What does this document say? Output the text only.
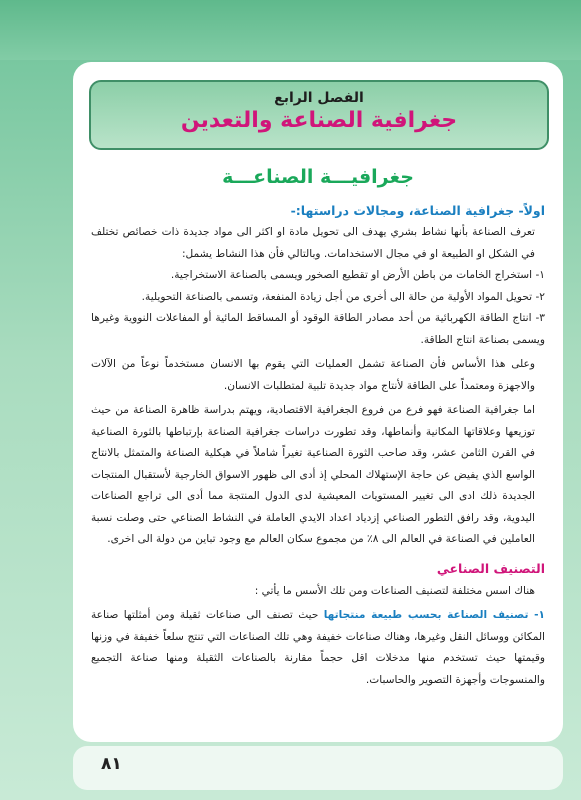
الفصل الرابع
جغرافية الصناعة والتعدين
جغرافيـــة الصناعـــة

اولاً- جغرافية الصناعة، ومجالات دراستها:-

تعرف الصناعة بأنها نشاط بشري يهدف الى تحويل مادة او اكثر الى مواد جديدة ذات خصائص تختلف في الشكل او الطبيعة او في مجال الاستخدامات. وبالتالي فأن هذا النشاط يشمل:

١- استخراج الخامات من باطن الأرض او تقطيع الصخور ويسمى بالصناعة الاستخراجية.

٢- تحويل المواد الأولية من حالة الى أخرى من أجل زيادة المنفعة، وتسمى بالصناعة التحويلية.

٣- انتاج الطاقة الكهربائية من أحد مصادر الطاقة الوقود أو المساقط المائية أو المفاعلات النووية وغيرها ويسمى بصناعة انتاج الطاقة.

وعلى هذا الأساس فأن الصناعة تشمل العمليات التي يقوم بها الانسان مستخدماً نوعاً من الآلات والاجهزة ومعتمداً على الطاقة لأنتاج مواد جديدة تلبية لمتطلبات الانسان.

اما جغرافية الصناعة فهو فرع من فروع الجغرافية الاقتصادية، ويهتم بدراسة ظاهرة الصناعة من حيث توزيعها وعلاقاتها المكانية وأنماطها، وقد تطورت دراسات جغرافية الصناعة بإرتباطها بالثورة الصناعية في القرن الثامن عشر، وقد صاحب الثورة الصناعية تغيراً شاملاً في هيكلية الصناعة والمتمثل بالانتاج الواسع الذي يفيض عن حاجة الإستهلاك المحلي إذ أدى الى ظهور الاسواق الخارجية لأستقبال المنتجات الجديدة ذلك ادى الى تغيير المستويات المعيشية لدى الدول المنتجة مما أدى الى تراجع الصناعات اليدوية، وقد رافق التطور الصناعي إزدياد اعداد الايدي العاملة في النشاط الصناعي حتى وصلت نسبة العاملين في الصناعة في العالم الى ٨٪ من مجموع سكان العالم مع وجود تباين من دولة الى اخرى.

التصنيف الصناعي

هناك اسس مختلفة لتصنيف الصناعات ومن تلك الأسس ما يأتي :

١- تصنيف الصناعة بحسب طبيعة منتجاتها حيث تصنف الى صناعات ثقيلة ومن أمثلتها صناعة المكائن ووسائل النقل وغيرها، وهناك صناعات خفيفة وهي تلك الصناعات التي تنتج سلعاً خفيفة في وزنها وقيمتها حيث تستخدم منها مدخلات اقل حجماً مقارنة بالصناعات الثقيلة ومنها صناعة التجميع والمنسوجات وأجهزة التصوير والحاسبات.

٨١
